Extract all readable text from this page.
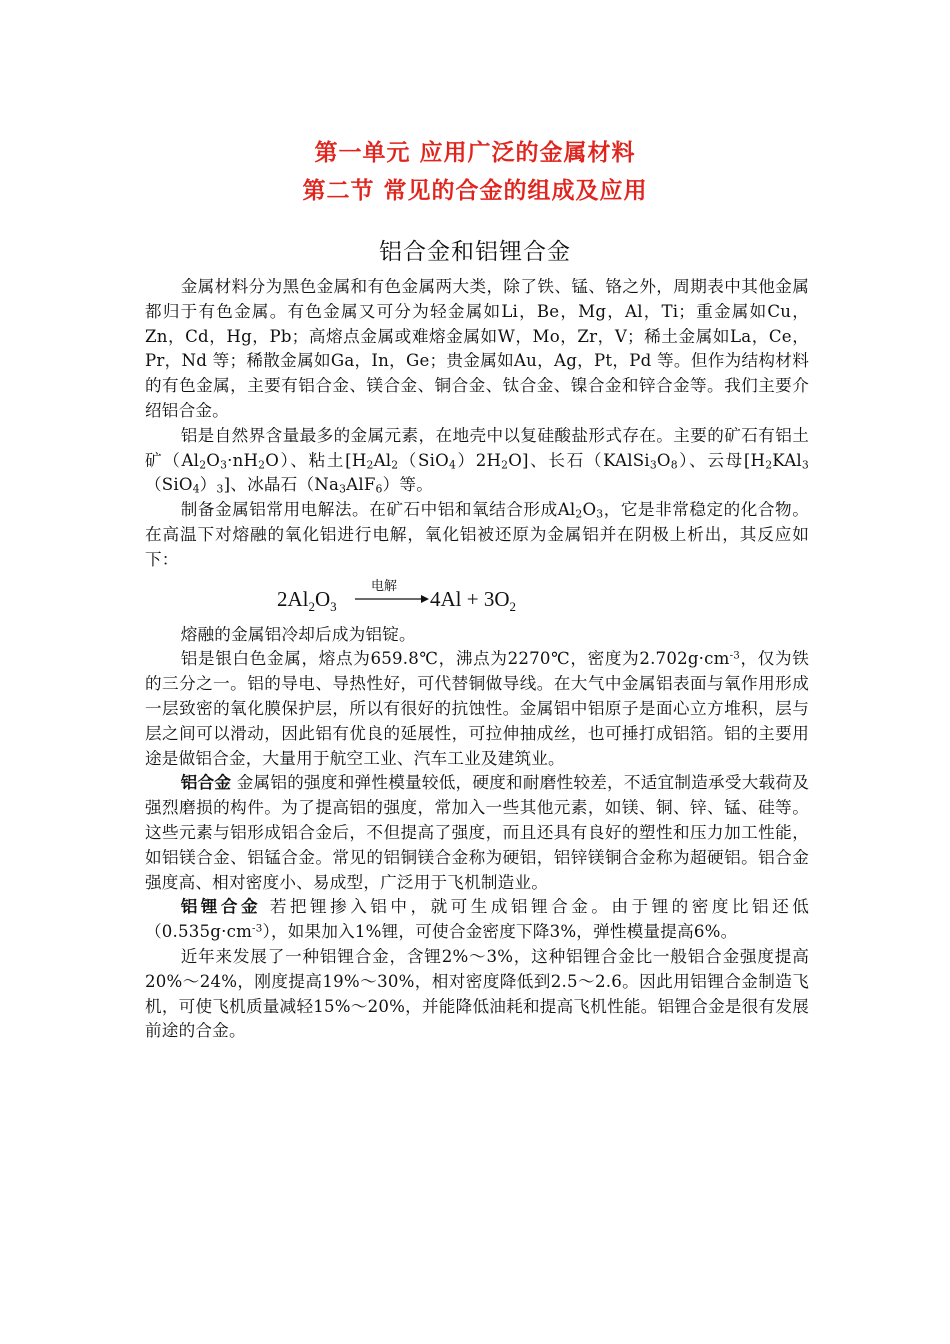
第一单元 应用广泛的金属材料
第二节 常见的合金的组成及应用
铝合金和铝锂合金

金属材料分为黑色金属和有色金属两大类，除了铁、锰、铬之外，周期表中其他金属都归于有色金属。有色金属又可分为轻金属如Li，Be，Mg，Al，Ti；重金属如Cu，Zn，Cd，Hg，Pb；高熔点金属或难熔金属如W，Mo，Zr，V；稀土金属如La，Ce，Pr，Nd 等；稀散金属如Ga，In，Ge；贵金属如Au，Ag，Pt，Pd 等。但作为结构材料的有色金属，主要有铝合金、镁合金、铜合金、钛合金、镍合金和锌合金等。我们主要介绍铝合金。

铝是自然界含量最多的金属元素，在地壳中以复硅酸盐形式存在。主要的矿石有铝土矿$(Al_2O_3\cdot nH_2O)$、粘土$[H_2Al_2(SiO_4)2H_2O]$、长石$(KAlSi_3O_8)$、云母$[H_2KAl_3(SiO_4)_3]$、冰晶石$(Na_3AlF_6)$等。

制备金属铝常用电解法。在矿石中铝和氧结合形成$Al_2O_3$，它是非常稳定的化合物。在高温下对熔融的氧化铝进行电解，氧化铝被还原为金属铝并在阴极上析出，其反应如下：

$2Al_2O_3$
电解
$4Al + 3O_2$

熔融的金属铝冷却后成为铝锭。

铝是银白色金属，熔点为659.8℃，沸点为2270℃，密度为$2.702g\cdot cm^{-3}$，仅为铁的三分之一。铝的导电、导热性好，可代替铜做导线。在大气中金属铝表面与氧作用形成一层致密的氧化膜保护层，所以有很好的抗蚀性。金属铝中铝原子是面心立方堆积，层与层之间可以滑动，因此铝有优良的延展性，可拉伸抽成丝，也可捶打成铝箔。铝的主要用途是做铝合金，大量用于航空工业、汽车工业及建筑业。

铝合金 金属铝的强度和弹性模量较低，硬度和耐磨性较差，不适宜制造承受大载荷及强烈磨损的构件。为了提高铝的强度，常加入一些其他元素，如镁、铜、锌、锰、硅等。这些元素与铝形成铝合金后，不但提高了强度，而且还具有良好的塑性和压力加工性能，如铝镁合金、铝锰合金。常见的铝铜镁合金称为硬铝，铝锌镁铜合金称为超硬铝。铝合金强度高、相对密度小、易成型，广泛用于飞机制造业。

铝锂合金 若把锂掺入铝中，就可生成铝锂合金。由于锂的密度比铝还低$(0.535g\cdot cm^{-3})$，如果加入1%锂，可使合金密度下降3%，弹性模量提高6%。

近年来发展了一种铝锂合金，含锂2%～3%，这种铝锂合金比一般铝合金强度提高20%～24%，刚度提高19%～30%，相对密度降低到2.5～2.6。因此用铝锂合金制造飞机，可使飞机质量减轻15%～20%，并能降低油耗和提高飞机性能。铝锂合金是很有发展前途的合金。
